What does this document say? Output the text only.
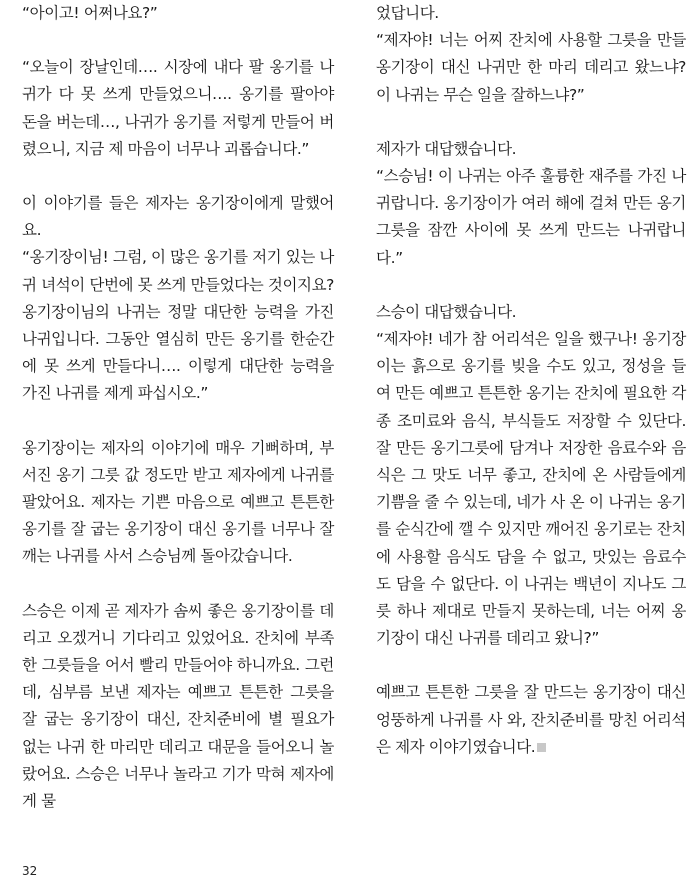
“아이고! 어쩌나요?”

“오늘이 장날인데…. 시장에 내다 팔 옹기를 나귀가 다 못 쓰게 만들었으니…. 옹기를 팔아야 돈을 버는데…, 나귀가 옹기를 저렇게 만들어 버렸으니, 지금 제 마음이 너무나 괴롭습니다.”

이 이야기를 들은 제자는 옹기장이에게 말했어요.

“옹기장이님! 그럼, 이 많은 옹기를 저기 있는 나귀 녀석이 단번에 못 쓰게 만들었다는 것이지요? 옹기장이님의 나귀는 정말 대단한 능력을 가진 나귀입니다. 그동안 열심히 만든 옹기를 한순간에 못 쓰게 만들다니…. 이렇게 대단한 능력을 가진 나귀를 제게 파십시오.”

옹기장이는 제자의 이야기에 매우 기뻐하며, 부서진 옹기 그릇 값 정도만 받고 제자에게 나귀를 팔았어요. 제자는 기쁜 마음으로 예쁘고 튼튼한 옹기를 잘 굽는 옹기장이 대신 옹기를 너무나 잘 깨는 나귀를 사서 스승님께 돌아갔습니다.

스승은 이제 곧 제자가 솜씨 좋은 옹기장이를 데리고 오겠거니 기다리고 있었어요. 잔치에 부족한 그릇들을 어서 빨리 만들어야 하니까요. 그런데, 심부름 보낸 제자는 예쁘고 튼튼한 그릇을 잘 굽는 옹기장이 대신, 잔치준비에 별 필요가 없는 나귀 한 마리만 데리고 대문을 들어오니 놀랐어요. 스승은 너무나 놀라고 기가 막혀 제자에게 물

었답니다.

“제자야! 너는 어찌 잔치에 사용할 그릇을 만들 옹기장이 대신 나귀만 한 마리 데리고 왔느냐? 이 나귀는 무슨 일을 잘하느냐?”

제자가 대답했습니다.

“스승님! 이 나귀는 아주 훌륭한 재주를 가진 나귀랍니다. 옹기장이가 여러 해에 걸쳐 만든 옹기 그릇을 잠깐 사이에 못 쓰게 만드는 나귀랍니다.”

스승이 대답했습니다.

“제자야! 네가 참 어리석은 일을 했구나! 옹기장이는 흙으로 옹기를 빚을 수도 있고, 정성을 들여 만든 예쁘고 튼튼한 옹기는 잔치에 필요한 각종 조미료와 음식, 부식들도 저장할 수 있단다. 잘 만든 옹기그릇에 담겨나 저장한 음료수와 음식은 그 맛도 너무 좋고, 잔치에 온 사람들에게 기쁨을 줄 수 있는데, 네가 사 온 이 나귀는 옹기를 순식간에 깰 수 있지만 깨어진 옹기로는 잔치에 사용할 음식도 담을 수 없고, 맛있는 음료수도 담을 수 없단다. 이 나귀는 백년이 지나도 그릇 하나 제대로 만들지 못하는데, 너는 어찌 옹기장이 대신 나귀를 데리고 왔니?”

예쁘고 튼튼한 그릇을 잘 만드는 옹기장이 대신 엉뚱하게 나귀를 사 와, 잔치준비를 망친 어리석은 제자 이야기였습니다.

32
